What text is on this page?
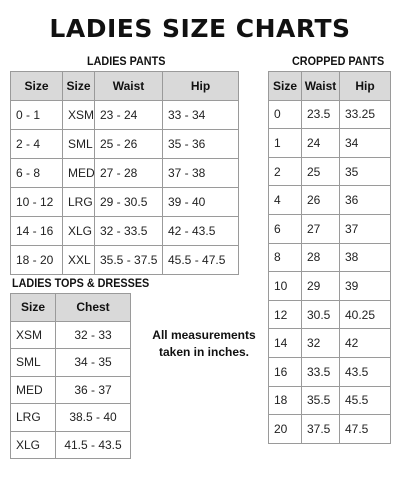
LADIES SIZE CHARTS
LADIES PANTS
Size	Size	Waist	Hip
0 - 1	XSM	23 - 24	33 - 34
2 - 4	SML	25 - 26	35 - 36
6 - 8	MED	27 - 28	37 - 38
10 - 12	LRG	29 - 30.5	39 - 40
14 - 16	XLG	32 - 33.5	42 - 43.5
18 - 20	XXL	35.5 - 37.5	45.5 - 47.5
CROPPED PANTS
Size	Waist	Hip
0	23.5	33.25
1	24	34
2	25	35
4	26	36
6	27	37
8	28	38
10	29	39
12	30.5	40.25
14	32	42
16	33.5	43.5
18	35.5	45.5
20	37.5	47.5
LADIES TOPS & DRESSES
Size	Chest
XSM	32 - 33
SML	34 - 35
MED	36 - 37
LRG	38.5 - 40
XLG	41.5 - 43.5
All measurements
taken in inches.
